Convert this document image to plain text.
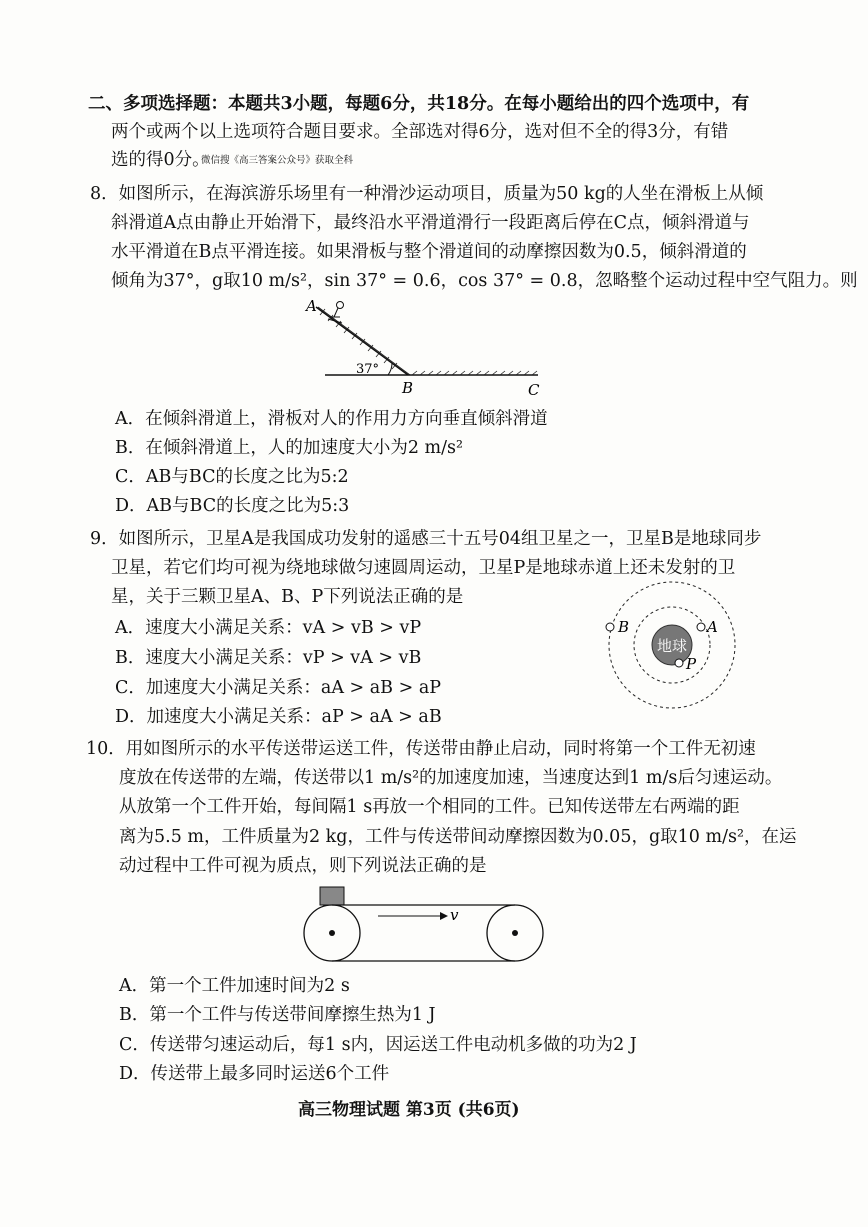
二、多项选择题：本题共3小题，每题6分，共18分。在每小题给出的四个选项中，有
两个或两个以上选项符合题目要求。全部选对得6分，选对但不全的得3分，有错
选的得0分。
微信搜《高三答案公众号》获取全科
8．如图所示，在海滨游乐场里有一种滑沙运动项目，质量为50 kg的人坐在滑板上从倾
斜滑道A点由静止开始滑下，最终沿水平滑道滑行一段距离后停在C点，倾斜滑道与
水平滑道在B点平滑连接。如果滑板与整个滑道间的动摩擦因数为0.5，倾斜滑道的
倾角为37°，g取10 m/s²，sin 37° = 0.6，cos 37° = 0.8，忽略整个运动过程中空气阻力。则
A
B	C
37°
A．在倾斜滑道上，滑板对人的作用力方向垂直倾斜滑道
B．在倾斜滑道上，人的加速度大小为2 m/s²
C．AB与BC的长度之比为5:2
D．AB与BC的长度之比为5:3
9．如图所示，卫星A是我国成功发射的遥感三十五号04组卫星之一，卫星B是地球同步
卫星，若它们均可视为绕地球做匀速圆周运动，卫星P是地球赤道上还未发射的卫
星，关于三颗卫星A、B、P下列说法正确的是
地球
B	A
P
A．速度大小满足关系：vA > vB > vP
B．速度大小满足关系：vP > vA > vB
C．加速度大小满足关系：aA > aB > aP
D．加速度大小满足关系：aP > aA > aB
10．用如图所示的水平传送带运送工件，传送带由静止启动，同时将第一个工件无初速
度放在传送带的左端，传送带以1 m/s²的加速度加速，当速度达到1 m/s后匀速运动。
从放第一个工件开始，每间隔1 s再放一个相同的工件。已知传送带左右两端的距
离为5.5 m，工件质量为2 kg，工件与传送带间动摩擦因数为0.05，g取10 m/s²，在运
动过程中工件可视为质点，则下列说法正确的是
v
A．第一个工件加速时间为2 s
B．第一个工件与传送带间摩擦生热为1 J
C．传送带匀速运动后，每1 s内，因运送工件电动机多做的功为2 J
D．传送带上最多同时运送6个工件
高三物理试题 第3页 (共6页)
